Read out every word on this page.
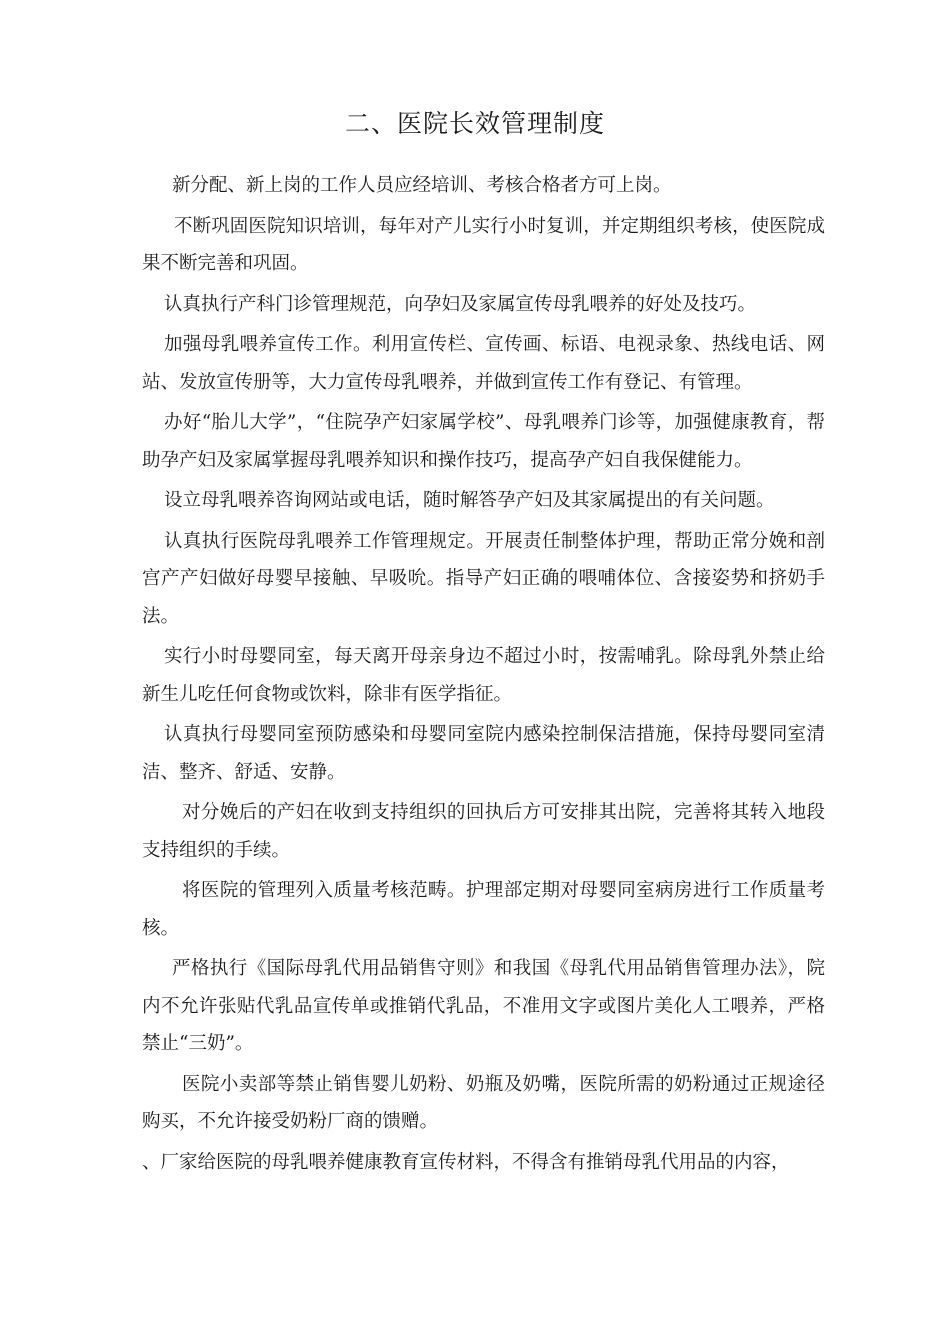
二、医院长效管理制度

新分配、新上岗的工作人员应经培训、考核合格者方可上岗。

不断巩固医院知识培训，每年对产儿实行小时复训，并定期组织考核，使医院成果不断完善和巩固。

认真执行产科门诊管理规范，向孕妇及家属宣传母乳喂养的好处及技巧。

加强母乳喂养宣传工作。利用宣传栏、宣传画、标语、电视录象、热线电话、网站、发放宣传册等，大力宣传母乳喂养，并做到宣传工作有登记、有管理。

办好“胎儿大学”，“住院孕产妇家属学校”、母乳喂养门诊等，加强健康教育，帮助孕产妇及家属掌握母乳喂养知识和操作技巧，提高孕产妇自我保健能力。

设立母乳喂养咨询网站或电话，随时解答孕产妇及其家属提出的有关问题。

认真执行医院母乳喂养工作管理规定。开展责任制整体护理，帮助正常分娩和剖宫产产妇做好母婴早接触、早吸吮。指导产妇正确的喂哺体位、含接姿势和挤奶手法。

实行小时母婴同室，每天离开母亲身边不超过小时，按需哺乳。除母乳外禁止给新生儿吃任何食物或饮料，除非有医学指征。

认真执行母婴同室预防感染和母婴同室院内感染控制保洁措施，保持母婴同室清洁、整齐、舒适、安静。

对分娩后的产妇在收到支持组织的回执后方可安排其出院，完善将其转入地段支持组织的手续。

将医院的管理列入质量考核范畴。护理部定期对母婴同室病房进行工作质量考核。

严格执行《国际母乳代用品销售守则》和我国《母乳代用品销售管理办法》，院内不允许张贴代乳品宣传单或推销代乳品，不准用文字或图片美化人工喂养，严格禁止“三奶”。

医院小卖部等禁止销售婴儿奶粉、奶瓶及奶嘴，医院所需的奶粉通过正规途径购买，不允许接受奶粉厂商的馈赠。

、厂家给医院的母乳喂养健康教育宣传材料，不得含有推销母乳代用品的内容，
